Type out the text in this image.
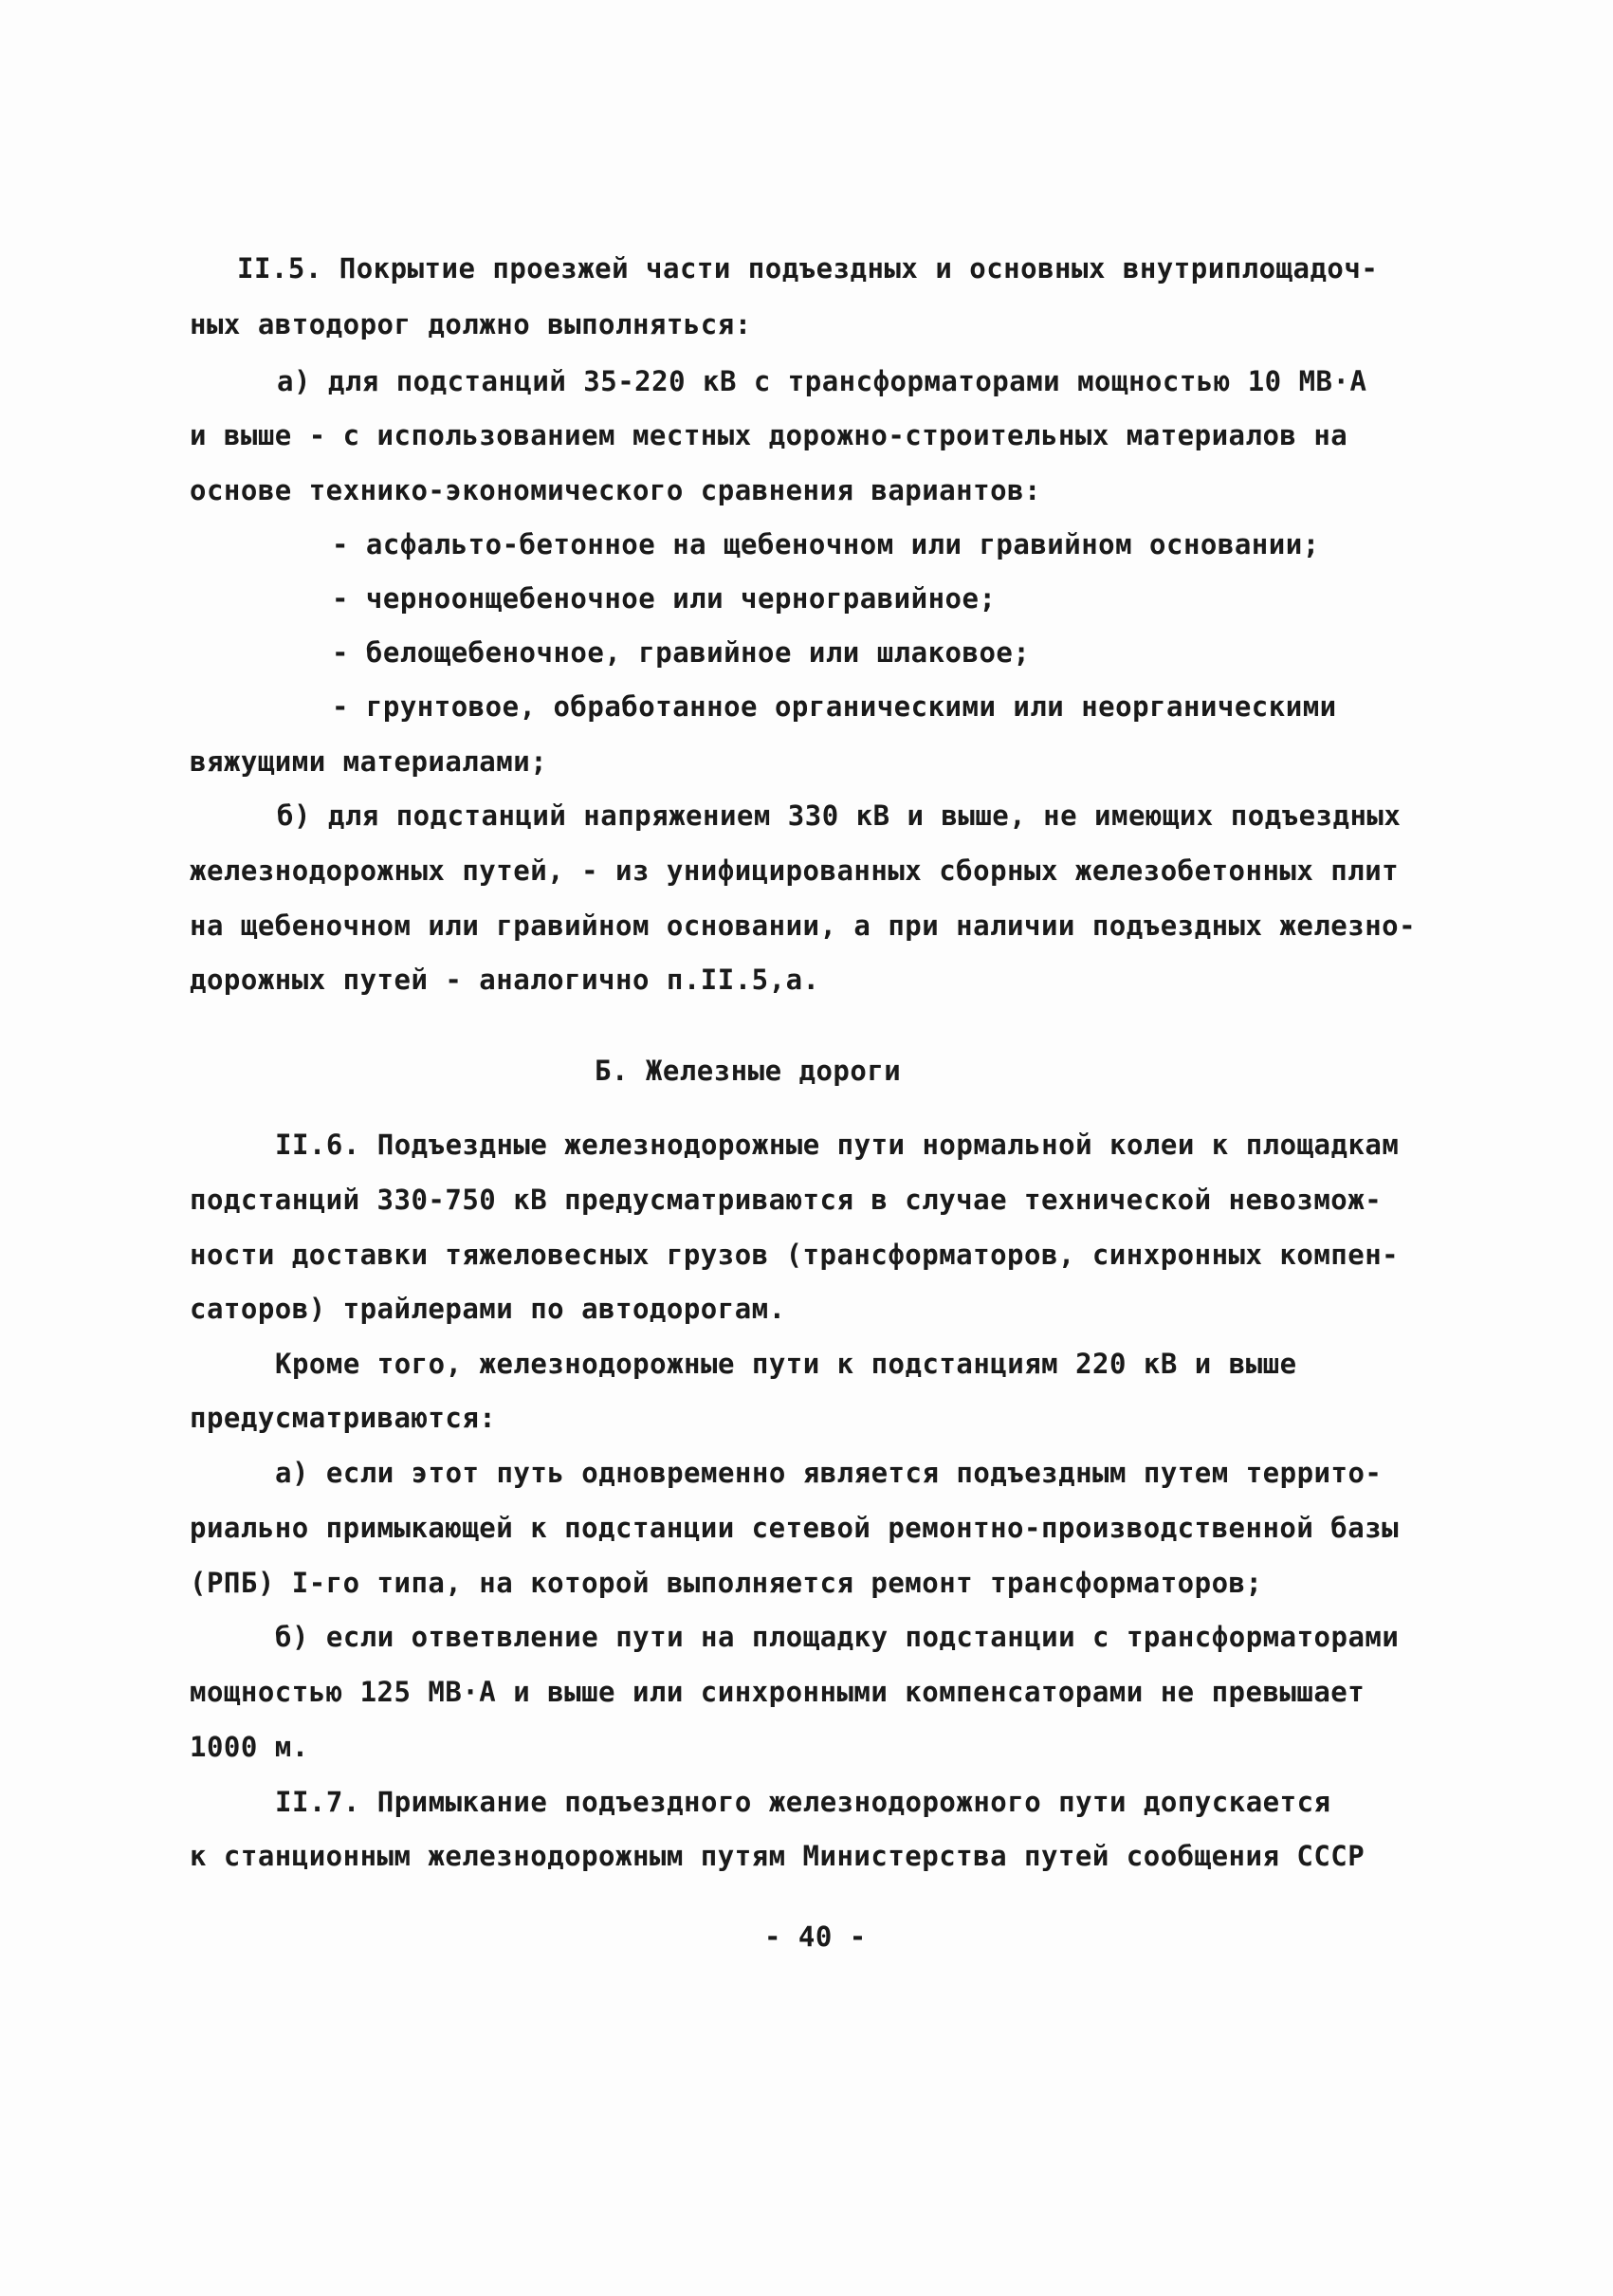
II.5. Покрытие проезжей части подъездных и основных внутриплощадоч-
ных автодорог должно выполняться:
а) для подстанций 35-220 кВ с трансформаторами мощностью 10 МВ·А
и выше - с использованием местных дорожно-строительных материалов на
основе технико-экономического сравнения вариантов:
- асфальто-бетонное на щебеночном или гравийном основании;
- черноонщебеночное или черногравийное;
- белощебеночное, гравийное или шлаковое;
- грунтовое, обработанное органическими или неорганическими
вяжущими материалами;
б) для подстанций напряжением 330 кВ и выше, не имеющих подъездных
железнодорожных путей, - из унифицированных сборных железобетонных плит
на щебеночном или гравийном основании, а при наличии подъездных железно-
дорожных путей - аналогично п.II.5,а.
Б. Железные дороги
II.6. Подъездные железнодорожные пути нормальной колеи к площадкам
подстанций 330-750 кВ предусматриваются в случае технической невозмож-
ности доставки тяжеловесных грузов (трансформаторов, синхронных компен-
саторов) трайлерами по автодорогам.
Кроме того, железнодорожные пути к подстанциям 220 кВ и выше
предусматриваются:
а) если этот путь одновременно является подъездным путем террито-
риально примыкающей к подстанции сетевой ремонтно-производственной базы
(РПБ) I-го типа, на которой выполняется ремонт трансформаторов;
б) если ответвление пути на площадку подстанции с трансформаторами
мощностью 125 МВ·А и выше или синхронными компенсаторами не превышает
1000 м.
II.7. Примыкание подъездного железнодорожного пути допускается
к станционным железнодорожным путям Министерства путей сообщения СССР
- 40 -
